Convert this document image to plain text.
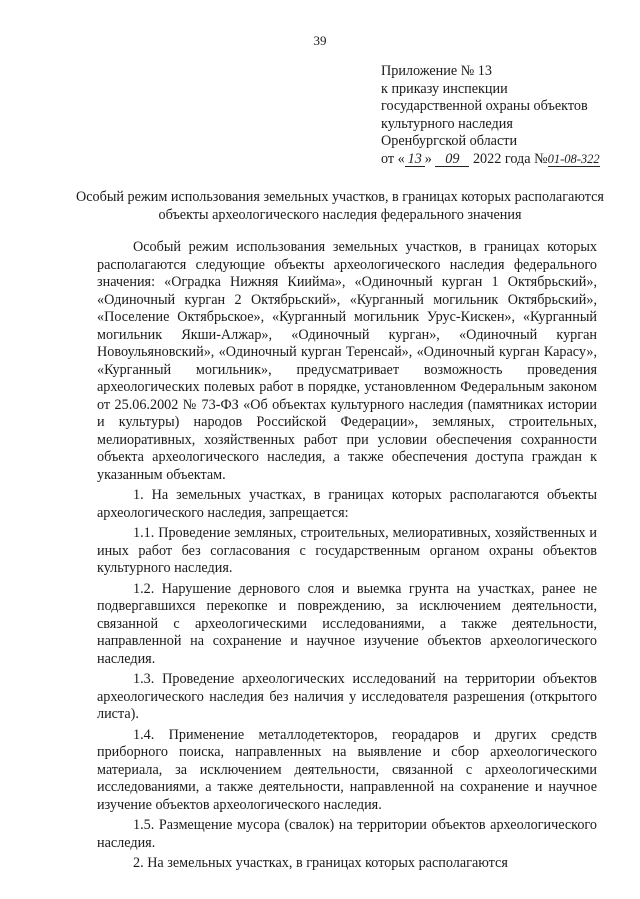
39
Приложение № 13
к приказу инспекции
государственной охраны объектов
культурного наследия
Оренбургской области
от « 13 » 09 2022 года №01-08-322
Особый режим использования земельных участков, в границах которых располагаются объекты археологического наследия федерального значения

Особый режим использования земельных участков, в границах которых располагаются следующие объекты археологического наследия федерального значения: «Оградка Нижняя Киийма», «Одиночный курган 1 Октябрьский», «Одиночный курган 2 Октябрьский», «Курганный могильник Октябрьский», «Поселение Октябрьское», «Курганный могильник Урус-Кискен», «Курганный могильник Якши-Алжар», «Одиночный курган», «Одиночный курган Новоульяновский», «Одиночный курган Теренсай», «Одиночный курган Карасу», «Курганный могильник», предусматривает возможность проведения археологических полевых работ в порядке, установленном Федеральным законом от 25.06.2002 № 73-ФЗ «Об объектах культурного наследия (памятниках истории и культуры) народов Российской Федерации», земляных, строительных, мелиоративных, хозяйственных работ при условии обеспечения сохранности объекта археологического наследия, а также обеспечения доступа граждан к указанным объектам.

1. На земельных участках, в границах которых располагаются объекты археологического наследия, запрещается:

1.1. Проведение земляных, строительных, мелиоративных, хозяйственных и иных работ без согласования с государственным органом охраны объектов культурного наследия.

1.2. Нарушение дернового слоя и выемка грунта на участках, ранее не подвергавшихся перекопке и повреждению, за исключением деятельности, связанной с археологическими исследованиями, а также деятельности, направленной на сохранение и научное изучение объектов археологического наследия.

1.3. Проведение археологических исследований на территории объектов археологического наследия без наличия у исследователя разрешения (открытого листа).

1.4. Применение металлодетекторов, георадаров и других средств приборного поиска, направленных на выявление и сбор археологического материала, за исключением деятельности, связанной с археологическими исследованиями, а также деятельности, направленной на сохранение и научное изучение объектов археологического наследия.

1.5. Размещение мусора (свалок) на территории объектов археологического наследия.

2. На земельных участках, в границах которых располагаются
